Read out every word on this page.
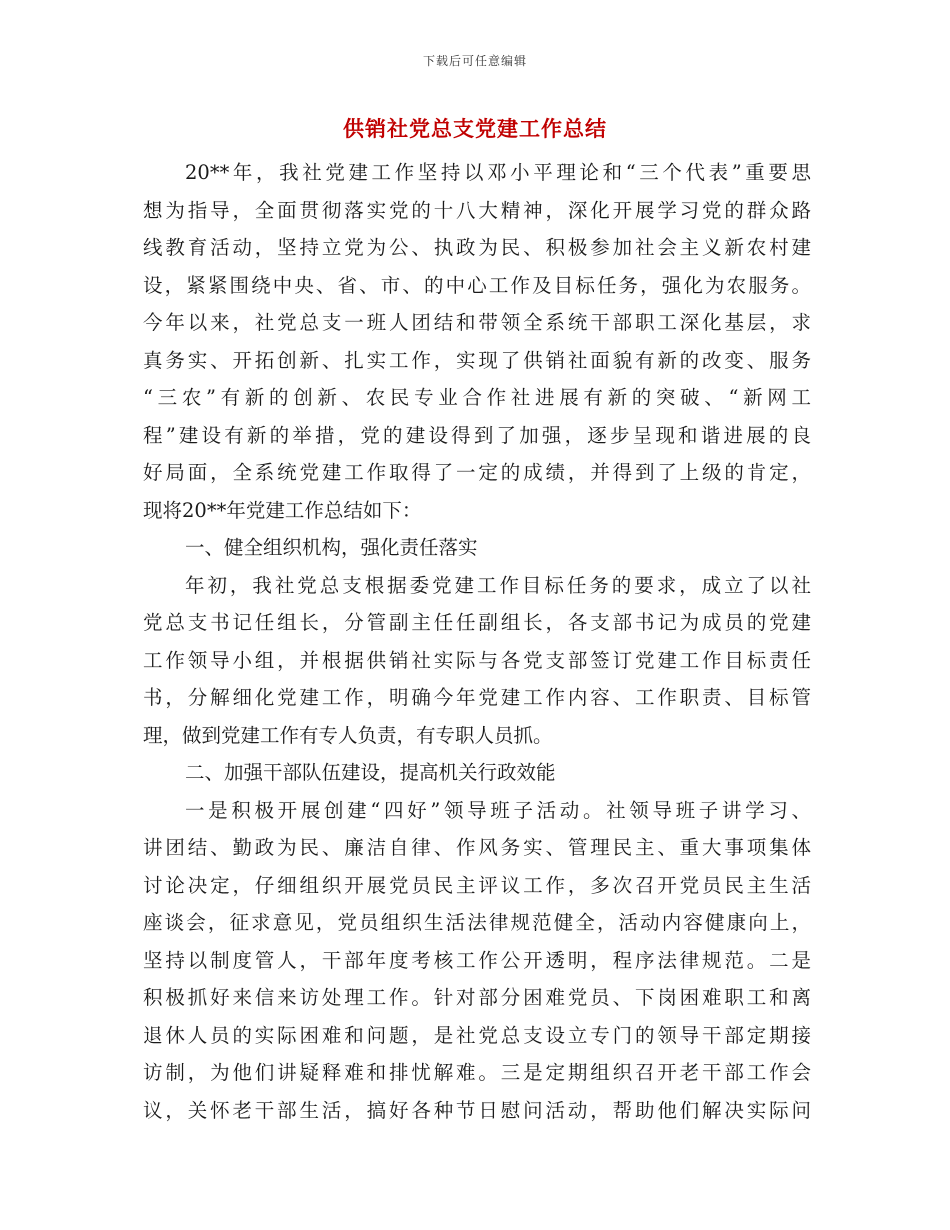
下载后可任意编辑
供销社党总支党建工作总结
20**年，我社党建工作坚持以邓小平理论和“三个代表”重要思
想为指导，全面贯彻落实党的十八大精神，深化开展学习党的群众路
线教育活动，坚持立党为公、执政为民、积极参加社会主义新农村建
设，紧紧围绕中央、省、市、的中心工作及目标任务，强化为农服务。
今年以来，社党总支一班人团结和带领全系统干部职工深化基层，求
真务实、开拓创新、扎实工作，实现了供销社面貌有新的改变、服务
“三农”有新的创新、农民专业合作社进展有新的突破、“新网工
程”建设有新的举措，党的建设得到了加强，逐步呈现和谐进展的良
好局面，全系统党建工作取得了一定的成绩，并得到了上级的肯定，
现将20**年党建工作总结如下：
一、健全组织机构，强化责任落实
年初，我社党总支根据委党建工作目标任务的要求，成立了以社
党总支书记任组长，分管副主任任副组长，各支部书记为成员的党建
工作领导小组，并根据供销社实际与各党支部签订党建工作目标责任
书，分解细化党建工作，明确今年党建工作内容、工作职责、目标管
理，做到党建工作有专人负责，有专职人员抓。
二、加强干部队伍建设，提高机关行政效能
一是积极开展创建“四好”领导班子活动。社领导班子讲学习、
讲团结、勤政为民、廉洁自律、作风务实、管理民主、重大事项集体
讨论决定，仔细组织开展党员民主评议工作，多次召开党员民主生活
座谈会，征求意见，党员组织生活法律规范健全，活动内容健康向上，
坚持以制度管人，干部年度考核工作公开透明，程序法律规范。二是
积极抓好来信来访处理工作。针对部分困难党员、下岗困难职工和离
退休人员的实际困难和问题，是社党总支设立专门的领导干部定期接
访制，为他们讲疑释难和排忧解难。三是定期组织召开老干部工作会
议，关怀老干部生活，搞好各种节日慰问活动，帮助他们解决实际问
